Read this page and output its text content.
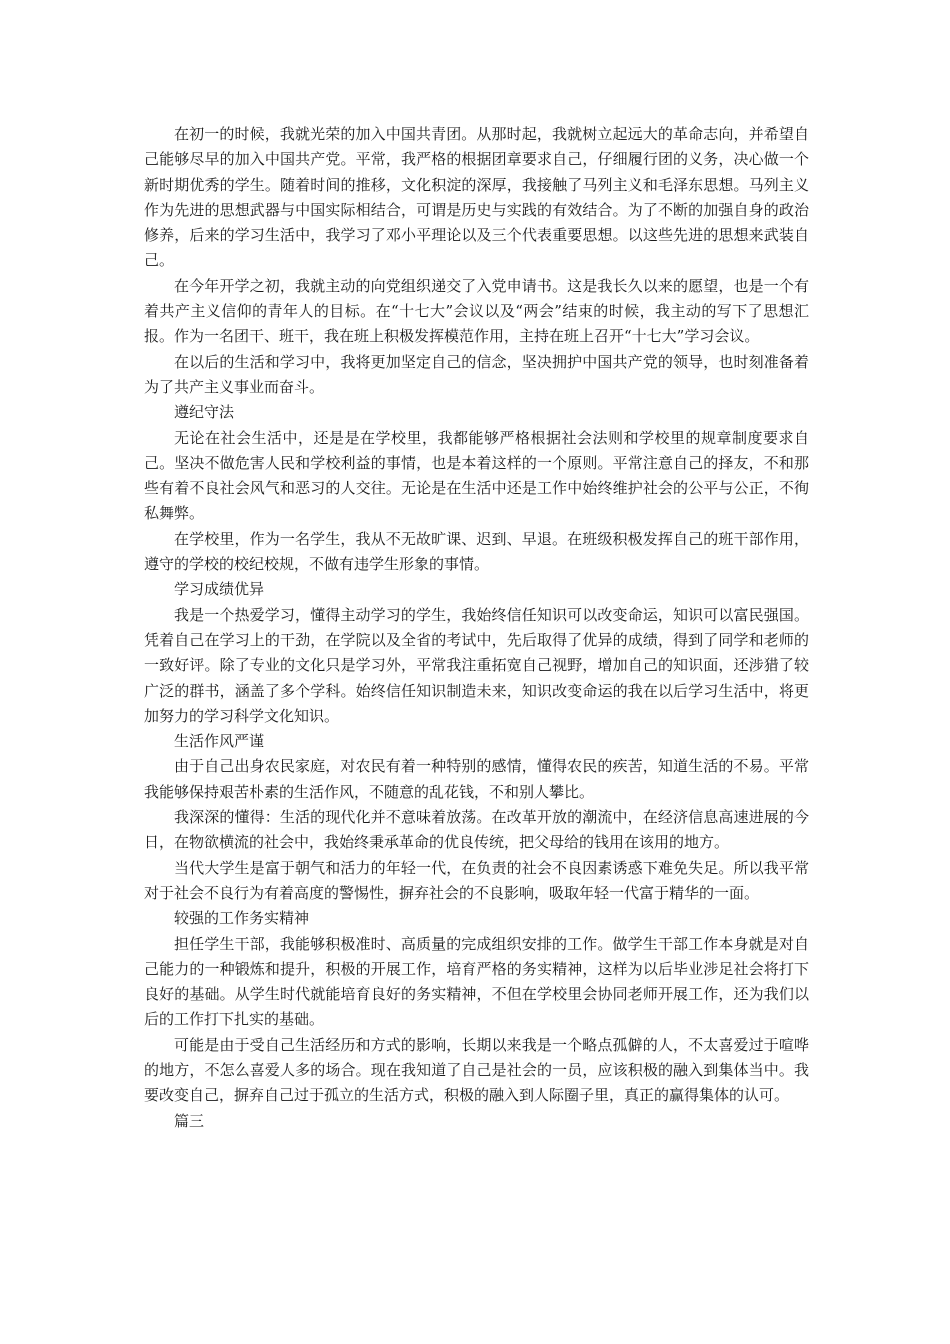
在初一的时候，我就光荣的加入中国共青团。从那时起，我就树立起远大的革命志向，并希望自己能够尽早的加入中国共产党。平常，我严格的根据团章要求自己，仔细履行团的义务，决心做一个新时期优秀的学生。随着时间的推移，文化积淀的深厚，我接触了马列主义和毛泽东思想。马列主义作为先进的思想武器与中国实际相结合，可谓是历史与实践的有效结合。为了不断的加强自身的政治修养，后来的学习生活中，我学习了邓小平理论以及三个代表重要思想。以这些先进的思想来武装自己。

在今年开学之初，我就主动的向党组织递交了入党申请书。这是我长久以来的愿望，也是一个有着共产主义信仰的青年人的目标。在“十七大”会议以及“两会”结束的时候，我主动的写下了思想汇报。作为一名团干、班干，我在班上积极发挥模范作用，主持在班上召开“十七大”学习会议。

在以后的生活和学习中，我将更加坚定自己的信念，坚决拥护中国共产党的领导，也时刻准备着为了共产主义事业而奋斗。

遵纪守法

无论在社会生活中，还是是在学校里，我都能够严格根据社会法则和学校里的规章制度要求自己。坚决不做危害人民和学校利益的事情，也是本着这样的一个原则。平常注意自己的择友，不和那些有着不良社会风气和恶习的人交往。无论是在生活中还是工作中始终维护社会的公平与公正，不徇私舞弊。

在学校里，作为一名学生，我从不无故旷课、迟到、早退。在班级积极发挥自己的班干部作用，遵守的学校的校纪校规，不做有违学生形象的事情。

学习成绩优异

我是一个热爱学习，懂得主动学习的学生，我始终信任知识可以改变命运，知识可以富民强国。凭着自己在学习上的干劲，在学院以及全省的考试中，先后取得了优异的成绩，得到了同学和老师的一致好评。除了专业的文化只是学习外，平常我注重拓宽自己视野，增加自己的知识面，还涉猎了较广泛的群书，涵盖了多个学科。始终信任知识制造未来，知识改变命运的我在以后学习生活中，将更加努力的学习科学文化知识。

生活作风严谨

由于自己出身农民家庭，对农民有着一种特别的感情，懂得农民的疾苦，知道生活的不易。平常我能够保持艰苦朴素的生活作风，不随意的乱花钱，不和别人攀比。

我深深的懂得：生活的现代化并不意味着放荡。在改革开放的潮流中，在经济信息高速进展的今日，在物欲横流的社会中，我始终秉承革命的优良传统，把父母给的钱用在该用的地方。

当代大学生是富于朝气和活力的年轻一代，在负责的社会不良因素诱惑下难免失足。所以我平常对于社会不良行为有着高度的警惕性，摒弃社会的不良影响，吸取年轻一代富于精华的一面。

较强的工作务实精神

担任学生干部，我能够积极准时、高质量的完成组织安排的工作。做学生干部工作本身就是对自己能力的一种锻炼和提升，积极的开展工作，培育严格的务实精神，这样为以后毕业涉足社会将打下良好的基础。从学生时代就能培育良好的务实精神，不但在学校里会协同老师开展工作，还为我们以后的工作打下扎实的基础。

可能是由于受自己生活经历和方式的影响，长期以来我是一个略点孤僻的人，不太喜爱过于喧哗的地方，不怎么喜爱人多的场合。现在我知道了自己是社会的一员，应该积极的融入到集体当中。我要改变自己，摒弃自己过于孤立的生活方式，积极的融入到人际圈子里，真正的赢得集体的认可。

篇三
